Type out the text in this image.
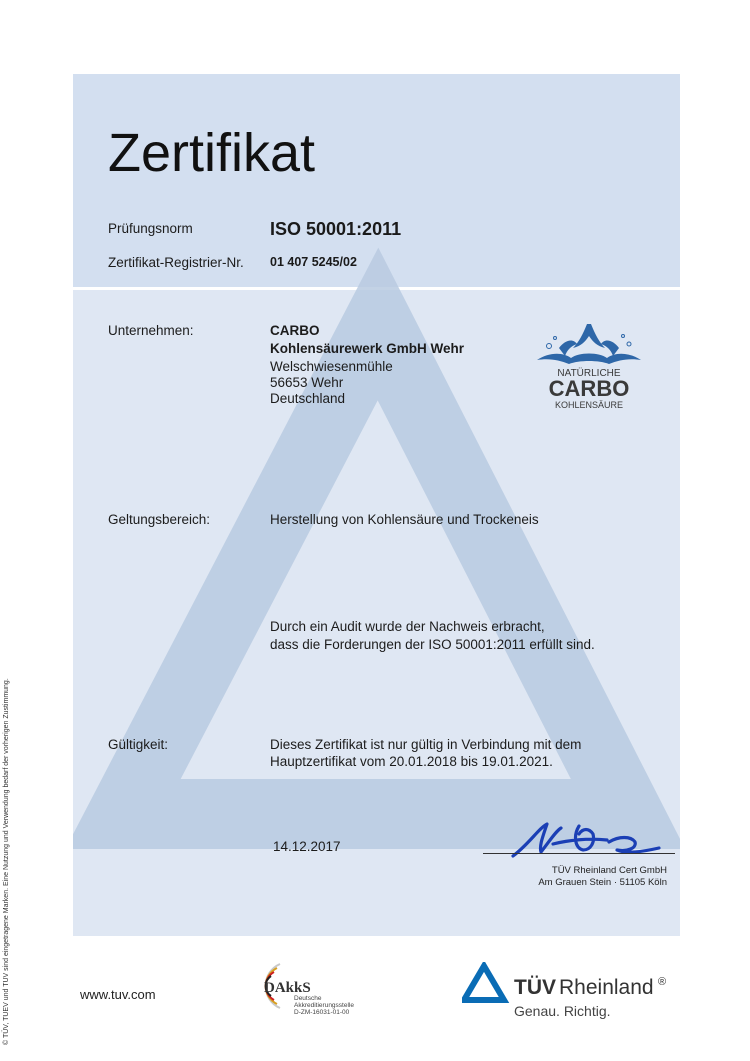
Zertifikat
Prüfungsnorm	ISO 50001:2011
Zertifikat-Registrier-Nr. 01 407 5245/02
Unternehmen:	CARBO
Kohlensäurewerk GmbH Wehr
Welschwiesenmühle
56653 Wehr
Deutschland
NATÜRLICHE
CARBO
KOHLENSÄURE
Geltungsbereich:	Herstellung von Kohlensäure und Trockeneis
Durch ein Audit wurde der Nachweis erbracht,
dass die Forderungen der ISO 50001:2011 erfüllt sind.
Gültigkeit:	Dieses Zertifikat ist nur gültig in Verbindung mit dem
Hauptzertifikat vom 20.01.2018 bis 19.01.2021.
14.12.2017
TÜV Rheinland Cert GmbH
Am Grauen Stein · 51105 Köln
© TÜV, TUEV und TUV sind eingetragene Marken. Eine Nutzung und Verwendung bedarf der vorherigen Zustimmung.	www.tuv.com	DAkkS
Deutsche
Akkreditierungsstelle
D-ZM-16031-01-00
TÜV Rheinland ®
Genau. Richtig.
